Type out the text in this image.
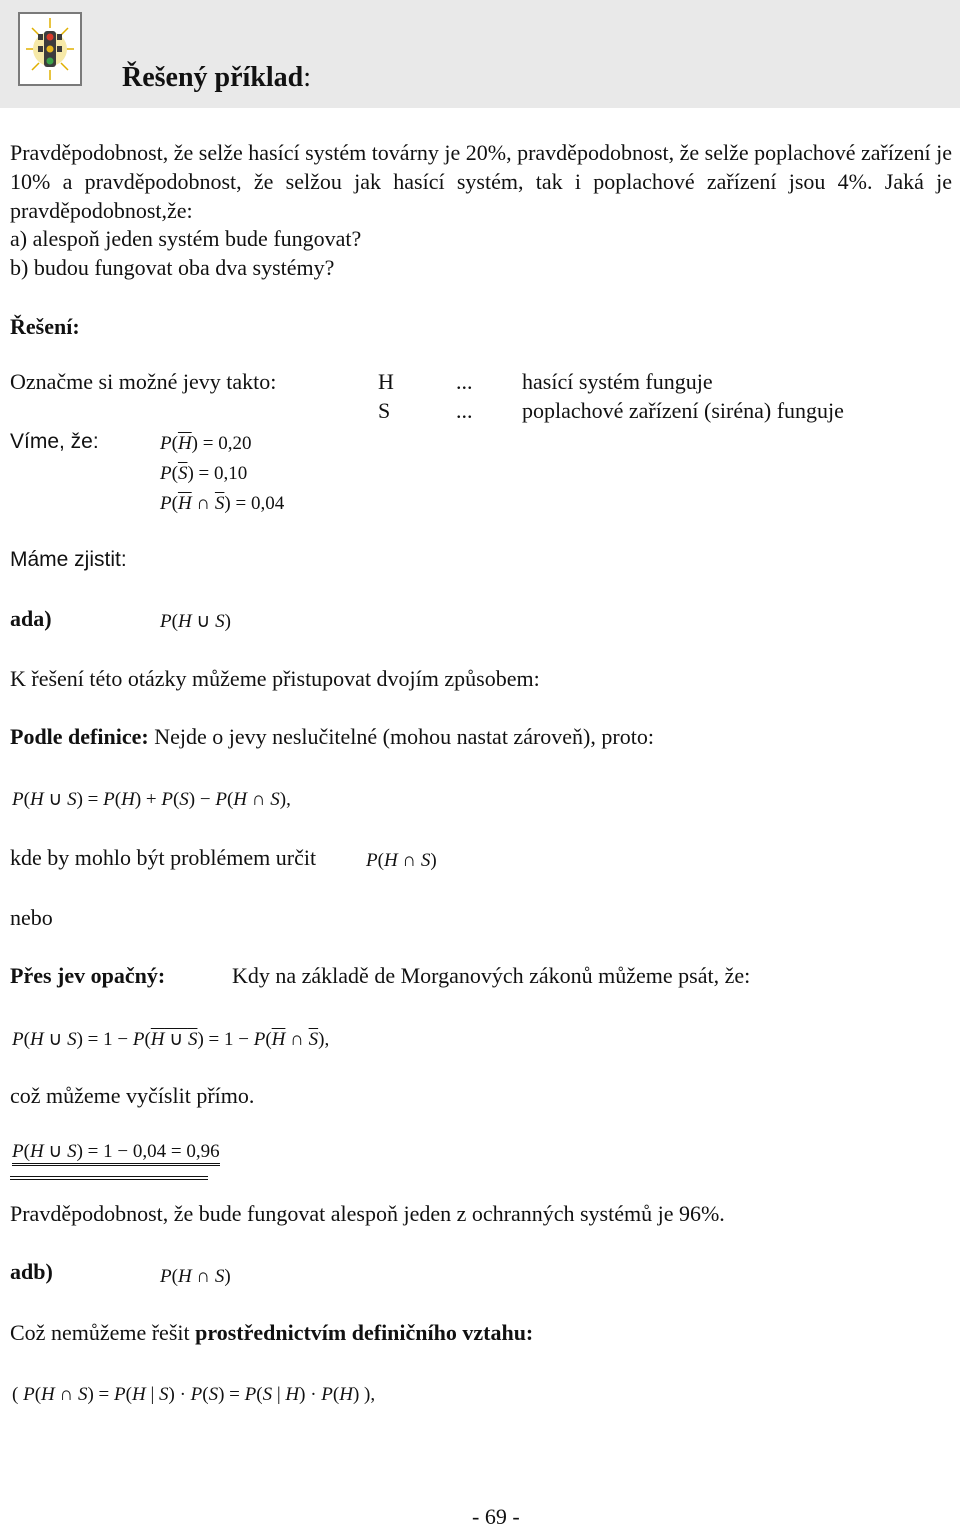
Řešený příklad:
Pravděpodobnost, že selže hasící systém továrny je 20%, pravděpodobnost, že selže poplachové zařízení je 10% a pravděpodobnost, že selžou jak hasící systém, tak i poplachové zařízení jsou 4%. Jaká je pravděpodobnost,že:
a) alespoň jeden systém bude fungovat?
b) budou fungovat oba dva systémy?
Řešení:
Označme si možné jevy takto:	H	... hasící systém funguje
S	... poplachové zařízení (siréna) funguje
Víme, že:	$P(\overline{H}) = 0,20$
$P(\overline{S}) = 0,10$
$P(\overline{H}$ ∩ $\overline{S}) = 0,04$
Máme zjistit:
ada)	P(H ∪ S)
K řešení této otázky můžeme přistupovat dvojím způsobem:
Podle definice: Nejde o jevy neslučitelné (mohou nastat zároveň), proto:
P(H ∪ S) = P(H) + P(S) − P(H ∩ S),
kde by mohlo být problémem určit	P(H ∩ S)
nebo
Přes jev opačný:	Kdy na základě de Morganových zákonů můžeme psát, že:
P(H ∪ S) = 1 − P(H ∪ $S) = 1 - P(\overline{H}$ ∩ $\overline{S}$),
což můžeme vyčíslit přímo.
P(H ∪ S) = 1 − 0,04 = 0,96
Pravděpodobnost, že bude fungovat alespoň jeden z ochranných systémů je 96%.
adb)	P(H ∩ S)
Což nemůžeme řešit prostřednictvím definičního vztahu:
( P(H ∩ S) = P(H | S) · P(S) = P(S | H) · P(H) ),
- 69 -
